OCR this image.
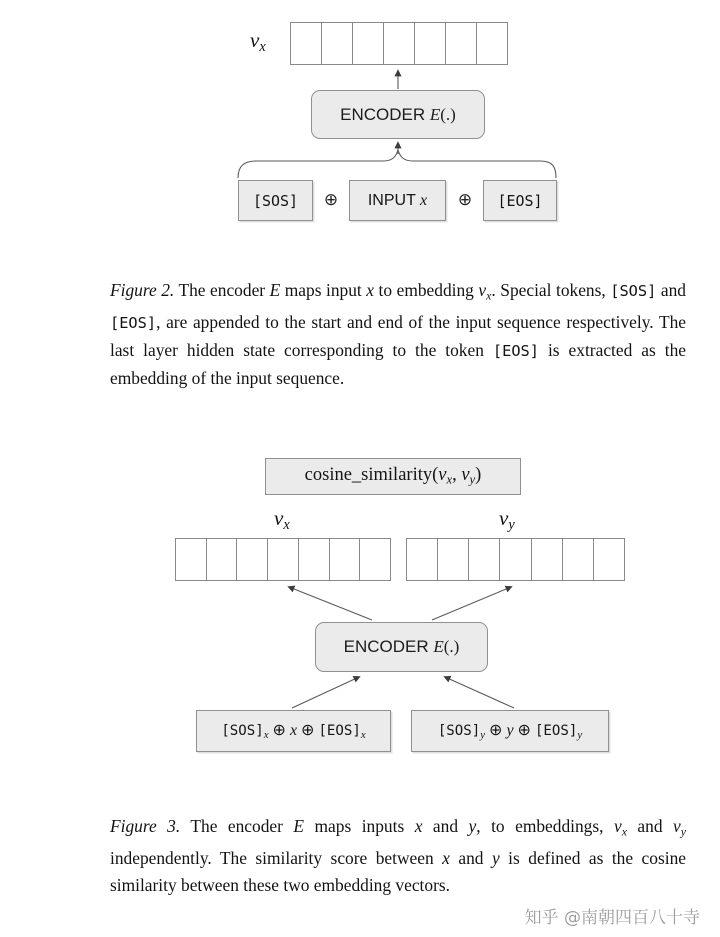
vx
ENCODER E(.)
[SOS]	⊕	INPUT x	⊕	[EOS]
Figure 2. The encoder E maps input x to embedding vx. Special tokens, [SOS] and [EOS], are appended to the start and end of the input sequence respectively. The last layer hidden state corresponding to the token [EOS] is extracted as the embedding of the input sequence.
cosine_similarity(vx, vy)
vx	vy
ENCODER E(.)
[SOS]x ⊕ x ⊕ [EOS]x	[SOS]y ⊕ y ⊕ [EOS]y
Figure 3. The encoder E maps inputs x and y, to embeddings, vx and vy independently. The similarity score between x and y is defined as the cosine similarity between these two embedding vectors.
知乎 @南朝四百八十寺
